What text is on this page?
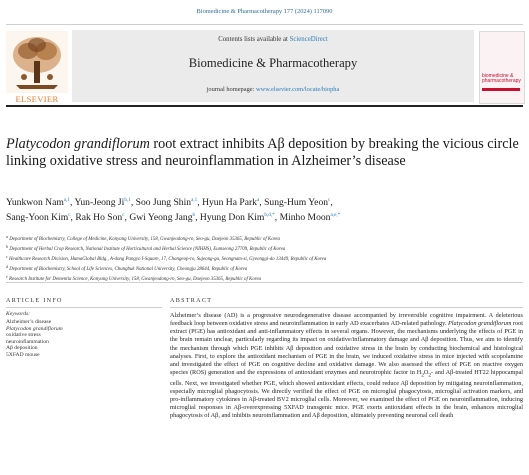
Biomedicine & Pharmacotherapy 177 (2024) 117090
ELSEVIER
Contents lists available at ScienceDirect
Biomedicine & Pharmacotherapy
journal homepage: www.elsevier.com/locate/biopha
biomedicine & pharmacotherapy
Platycodon grandiflorum root extract inhibits Aβ deposition by breaking the vicious circle linking oxidative stress and neuroinflammation in Alzheimer’s disease
Yunkwon Nam$^{a,1}$, Yun-Jeong Ji$^{b,1}$, Soo Jung Shin$^{a,1}$, Hyun Ha Park$^a$, Sung-Hum Yeon$^c$,
Sang-Yoon Kim$^c$, Rak Ho Son$^c$, Gwi Yeong Jang$^b$, Hyung Don Kim$^{b,d,*}$, Minho Moon$^{a,e,*}$
$^a$ Department of Biochemistry, College of Medicine, Konyang University, 158, Gwanjeodong-ro, Seo-gu, Daejeon 35365, Republic of Korea
$^b$ Department of Herbal Crop Research, National Institute of Horticultural and Herbal Science (NIHHS), Eumseong 27709, Republic of Korea
$^c$ Healthcare Research Division, HumaGlobal Bldg., A-dong Pangyo I-Square, 17, Changeop-ro, Sujeong-gu, Seongnam-si, Gyeonggi-do 13449, Republic of Korea
$^d$ Department of Biochemistry, School of Life Sciences, Chungbuk National University, Cheongju 28644, Republic of Korea
$^e$ Research Institute for Dementia Science, Konyang University, 158, Gwanjeodong-ro, Seo-gu, Daejeon 35365, Republic of Korea
ARTICLE INFO	ABSTRACT
Keywords:
Alzheimer’s disease
Platycodon grandiflorum
oxidative stress
neuroinflammation
Aβ deposition
5XFAD mouse
Alzheimer’s disease (AD) is a progressive neurodegenerative disease accompanied by irreversible cognitive impairment. A deleterious feedback loop between oxidative stress and neuroinflammation in early AD exacerbates AD-related pathology. Platycodon grandiflorum root extract (PGE) has antioxidant and anti-inflammatory effects in several organs. However, the mechanisms underlying the effects of PGE in the brain remain unclear, particularly regarding its impact on oxidative/inflammatory damage and Aβ deposition. Thus, we aim to identify the mechanism through which PGE inhibits Aβ deposition and oxidative stress in the brain by conducting biochemical and histological analyses. First, to explore the antioxidant mechanism of PGE in the brain, we induced oxidative stress in mice injected with scopolamine and investigated the effect of PGE on cognitive decline and oxidative damage. We also assessed the effect of PGE on reactive oxygen species (ROS) generation and the expressions of antioxidant enzymes and neurotrophic factor in $H_2O_2-$ and Aβ-treated HT22 hippocampal cells. Next, we investigated whether PGE, which showed antioxidant effects, could reduce Aβ deposition by mitigating neuroinflammation, especially microglial phagocytosis. We directly verified the effect of PGE on microglial phagocytosis, microglial activation markers, and pro-inflammatory cytokines in Aβ-treated BV2 microglial cells. Moreover, we examined the effect of PGE on neuroinflammation, inducing microglial responses in Aβ-overexpressing 5XFAD transgenic mice. PGE exerts antioxidant effects in the brain, enhances microglial phagocytosis of Aβ, and inhibits neuroinflammation and Aβ deposition, ultimately preventing neuronal cell death
